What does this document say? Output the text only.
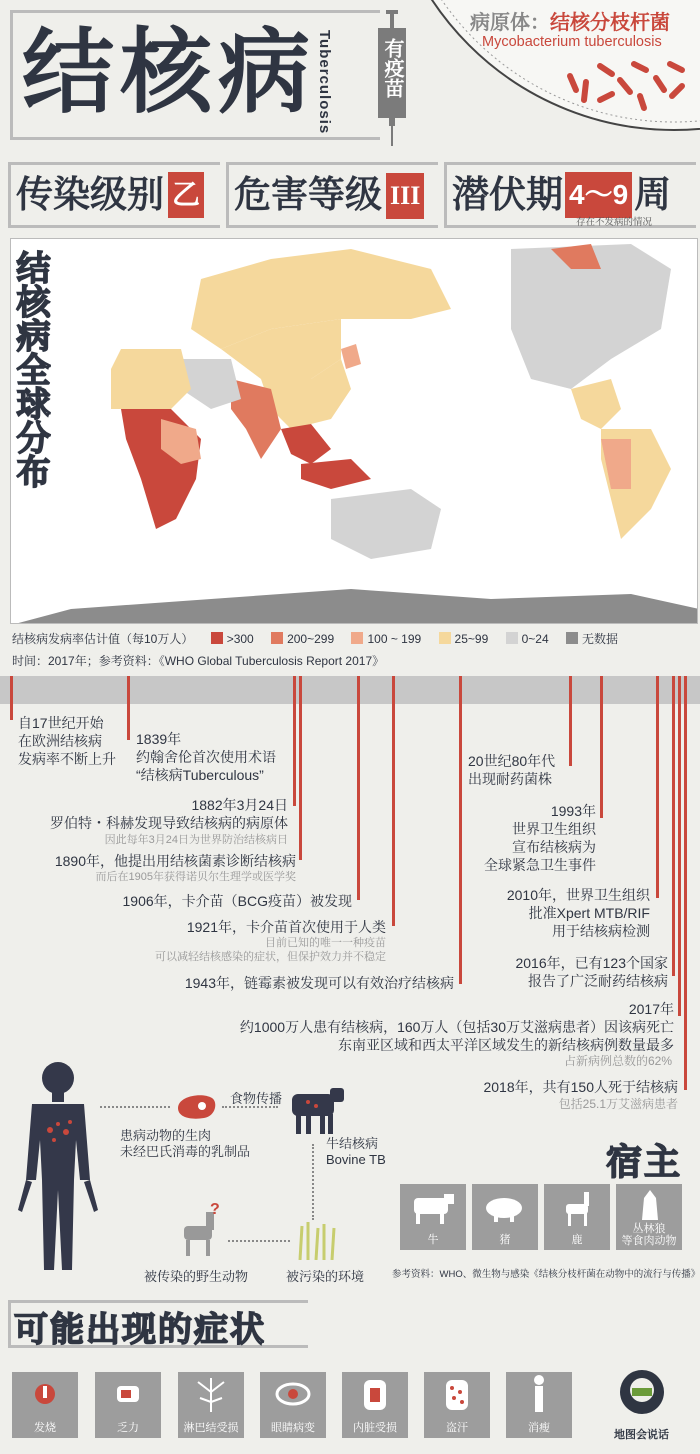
结核病 Tuberculosis 有疫苗
病原体：结核分枝杆菌
Mycobacterium tuberculosis
传染级别 乙 危害等级 III 潜伏期 4～9 周
存在不发病的情况
结核病全球分布
结核病发病率估计值（每10万人）	>300	200~299	100 ~ 199	25~99	0~24	无数据
时间：2017年；参考资料：《WHO Global Tuberculosis Report 2017》
自17世纪开始
在欧洲结核病
发病率不断上升
1839年
约翰舍伦首次使用术语
“结核病Tuberculous”
1882年3月24日
罗伯特・科赫发现导致结核病的病原体
因此每年3月24日为世界防治结核病日
1890年，他提出用结核菌素诊断结核病
而后在1905年获得诺贝尔生理学或医学奖
1906年，卡介苗（BCG疫苗）被发现
1921年，卡介苗首次使用于人类
目前已知的唯一一种疫苗
可以减轻结核感染的症状，但保护效力并不稳定
1943年，链霉素被发现可以有效治疗结核病
20世纪80年代
出现耐药菌株
1993年
世界卫生组织
宣布结核病为
全球紧急卫生事件
2010年，世界卫生组织
批准Xpert MTB/RIF
用于结核病检测
2016年，已有123个国家
报告了广泛耐药结核病
2017年
约1000万人患有结核病，160万人（包括30万艾滋病患者）因该病死亡
东南亚区域和西太平洋区域发生的新结核病例数量最多
占新病例总数的62%
2018年，共有150人死于结核病
包括25.1万艾滋病患者
食物传播
患病动物的生肉
未经巴氏消毒的乳制品
牛结核病
Bovine TB
?
被传染的野生动物	被污染的环境
宿主
牛	猪	鹿
丛林狼
等食肉动物
参考资料：WHO、微生物与感染《结核分枝杆菌在动物中的流行与传播》
可能出现的症状
发烧	乏力	淋巴结受损	眼睛病变	内脏受损	盗汗	消瘦
地图会说话
